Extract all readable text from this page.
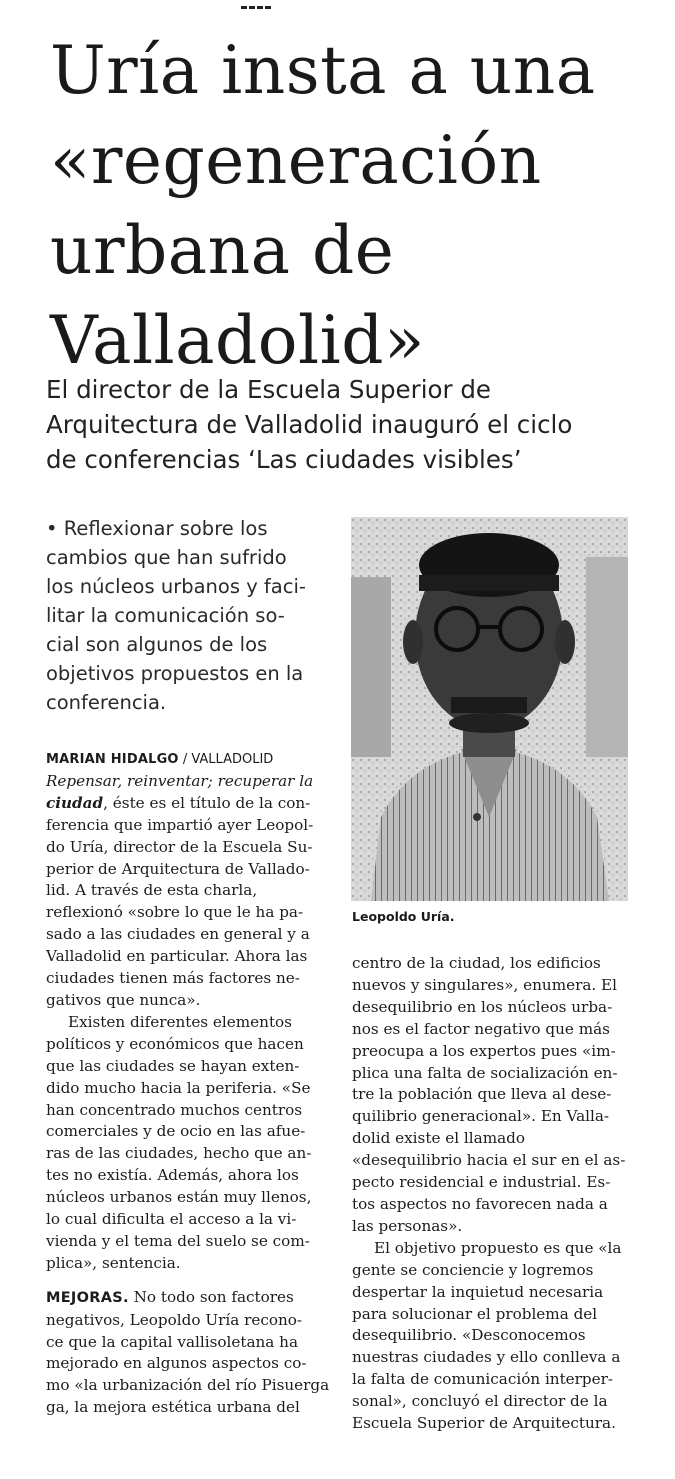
Uría insta a una
«regeneración
urbana de
Valladolid»
El director de la Escuela Superior de
Arquitectura de Valladolid inauguró el ciclo
de conferencias ‘Las ciudades visibles’
• Reflexionar sobre los
cambios que han sufrido
los núcleos urbanos y faci-
litar la comunicación so-
cial son algunos de los
objetivos propuestos en la
conferencia.
Leopoldo Uría.
MARIAN HIDALGO / VALLADOLID
Repensar, reinventar; recuperar la
ciudad, éste es el título de la con-
ferencia que impartió ayer Leopol-
do Uría, director de la Escuela Su-
perior de Arquitectura de Vallado-
lid. A través de esta charla,
reflexionó «sobre lo que le ha pa-
sado a las ciudades en general y a
Valladolid en particular. Ahora las
ciudades tienen más factores ne-
gativos que nunca».
Existen diferentes elementos
políticos y económicos que hacen
que las ciudades se hayan exten-
dido mucho hacia la periferia. «Se
han concentrado muchos centros
comerciales y de ocio en las afue-
ras de las ciudades, hecho que an-
tes no existía. Además, ahora los
núcleos urbanos están muy llenos,
lo cual dificulta el acceso a la vi-
vienda y el tema del suelo se com-
plica», sentencia.
MEJORAS. No todo son factores
negativos, Leopoldo Uría recono-
ce que la capital vallisoletana ha
mejorado en algunos aspectos co-
mo «la urbanización del río Pisuerga
ga, la mejora estética urbana del
centro de la ciudad, los edificios
nuevos y singulares», enumera. El
desequilibrio en los núcleos urba-
nos es el factor negativo que más
preocupa a los expertos pues «im-
plica una falta de socialización en-
tre la población que lleva al dese-
quilibrio generacional». En Valla-
dolid existe el llamado
«desequilibrio hacia el sur en el as-
pecto residencial e industrial. Es-
tos aspectos no favorecen nada a
las personas».
El objetivo propuesto es que «la
gente se conciencie y logremos
despertar la inquietud necesaria
para solucionar el problema del
desequilibrio. «Desconocemos
nuestras ciudades y ello conlleva a
la falta de comunicación interper-
sonal», concluyó el director de la
Escuela Superior de Arquitectura.
